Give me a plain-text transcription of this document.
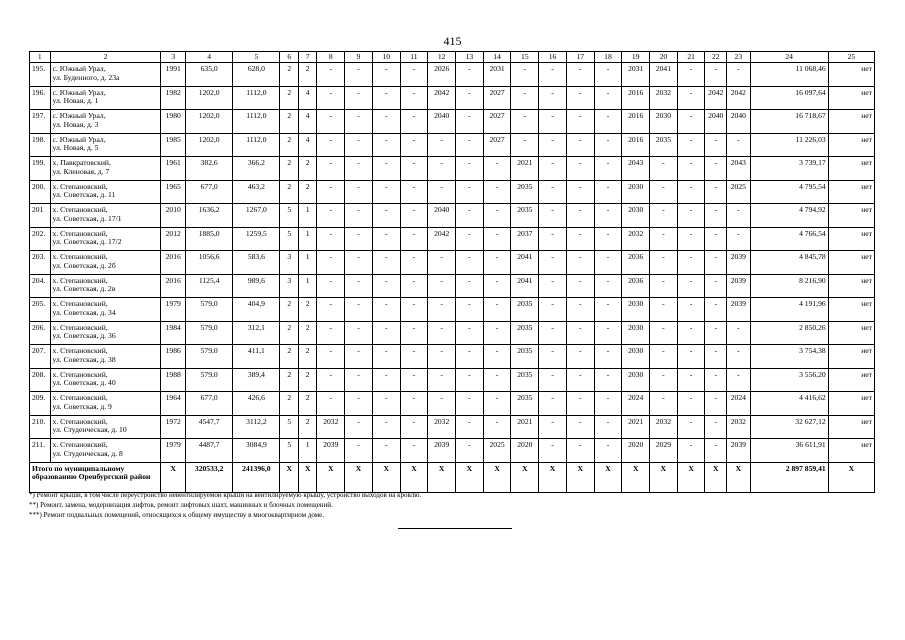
415
1	2	3	4	5	6	7	8	9	10	11	12	13	14	15	16	17	18	19	20	21	22	23	24	25
195.	с. Южный Урал,
ул. Буденного, д. 23а	1991	635,0	628,0	2	2	-	-	-	-	2026	-	2031	-	-	-	-	2031	2041	-	-	-	11 068,46	нет
196.	с. Южный Урал,
ул. Новая, д. 1	1982	1202,0	1112,0	2	4	-	-	-	-	2042	-	2027	-	-	-	-	2016	2032	-	2042	2042	16 097,64	нет
197.	с. Южный Урал,
ул. Новая, д. 3	1980	1202,0	1112,0	2	4	-	-	-	-	2040	-	2027	-	-	-	-	2016	2030	-	2040	2040	16 718,67	нет
198.	с. Южный Урал,
ул. Новая, д. 5	1985	1202,0	1112,0	2	4	-	-	-	-	-	-	2027	-	-	-	-	2016	2035	-	-	-	11 226,03	нет
199.	х. Павкратовский,
ул. Кленовая, д. 7	1961	382,6	366,2	2	2	-	-	-	-	-	-	-	2021	-	-	-	2043	-	-	-	2043	3 739,17	нет
200.	х. Степановский,
ул. Советская, д. 11	1965	677,0	463,2	2	2	-	-	-	-	-	-	-	2035	-	-	-	2030	-	-	-	2025	4 795,54	нет
201	х. Степановский,
ул. Советская, д. 17/1	2010	1636,2	1267,0	5	1	-	-	-	-	2040	-	-	2035	-	-	-	2030	-	-	-	-	4 794,92	нет
202.	х. Степановский,
ул. Советская, д. 17/2	2012	1885,0	1259,5	5	1	-	-	-	-	2042	-	-	2037	-	-	-	2032	-	-	-	-	4 766,54	нет
203.	х. Степановский,
ул. Советская, д. 2б	2016	1056,6	583,6	3	1	-	-	-	-	-	-	-	2041	-	-	-	2036	-	-	-	2039	4 845,78	нет
204.	х. Степановский,
ул. Советская, д. 2в	2016	1125,4	989,6	3	1	-	-	-	-	-	-	-	2041	-	-	-	2036	-	-	-	2039	8 216,90	нет
205.	х. Степановский,
ул. Советская, д. 34	1979	579,0	404,9	2	2	-	-	-	-	-	-	-	2035	-	-	-	2030	-	-	-	2039	4 191,96	нет
206.	х. Степановский,
ул. Советская, д. 36	1984	579,0	312,1	2	2	-	-	-	-	-	-	-	2035	-	-	-	2030	-	-	-	-	2 850,26	нет
207.	х. Степановский,
ул. Советская, д. 38	1986	579,0	411,1	2	2	-	-	-	-	-	-	-	2035	-	-	-	2030	-	-	-	-	3 754,38	нет
208.	х. Степановский,
ул. Советская, д. 40	1988	579,0	389,4	2	2	-	-	-	-	-	-	-	2035	-	-	-	2030	-	-	-	-	3 556,20	нет
209.	х. Степановский,
ул. Советская, д. 9	1964	677,0	426,6	2	2	-	-	-	-	-	-	-	2035	-	-	-	2024	-	-	-	2024	4 416,62	нет
210.	х. Степановский,
ул. Студенческая, д. 10	1972	4547,7	3112,2	5	2	2032	-	-	-	2032	-	-	2021	-	-	-	2021	2032	-	-	2032	32 627,12	нет
211.	х. Степановский,
ул. Студенческая, д. 8	1979	4487,7	3084,9	5	1	2039	-	-	-	2039	-	2025	2020	-	-	-	2020	2029	-	-	2039	36 611,91	нет
Итого по муниципальному образованию Оренбургский район		X	320533,2	241396,0	X	X	X	X	X	X	X	X	X	X	X	X	X	X	X	X	X	X	2 897 859,41	X
*) Ремонт крыши, в том числе переустройство невентилируемой крыши на вентилируемую крышу, устройство выходов на кровлю.
**) Ремонт, замена, модернизация лифтов, ремонт лифтовых шахт, машинных и блочных помещений.
***) Ремонт подвальных помещений, относящихся к общему имуществу в многоквартирном доме.
